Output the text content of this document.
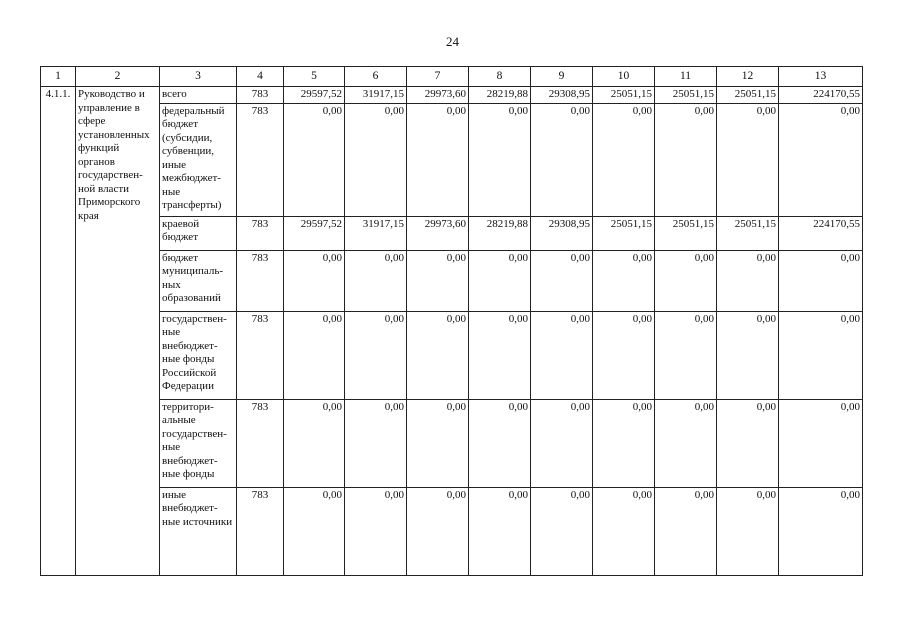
24
1	2	3	4	5	6	7	8	9	10	11	12	13
4.1.1.	Руководство и управление в сфере установленных функций органов государствен-ной власти Приморского края	всего	783	29597,52	31917,15	29973,60	28219,88	29308,95	25051,15	25051,15	25051,15	224170,55
		федеральный бюджет (субсидии, субвенции, иные межбюджет-ные трансферты)	783	0,00	0,00	0,00	0,00	0,00	0,00	0,00	0,00	0,00
		краевой бюджет	783	29597,52	31917,15	29973,60	28219,88	29308,95	25051,15	25051,15	25051,15	224170,55
		бюджет муниципаль-ных образований	783	0,00	0,00	0,00	0,00	0,00	0,00	0,00	0,00	0,00
		государствен-ные внебюджет-ные фонды Российской Федерации	783	0,00	0,00	0,00	0,00	0,00	0,00	0,00	0,00	0,00
		территори-альные государствен-ные внебюджет-ные фонды	783	0,00	0,00	0,00	0,00	0,00	0,00	0,00	0,00	0,00
		иные внебюджет-ные источники	783	0,00	0,00	0,00	0,00	0,00	0,00	0,00	0,00	0,00
